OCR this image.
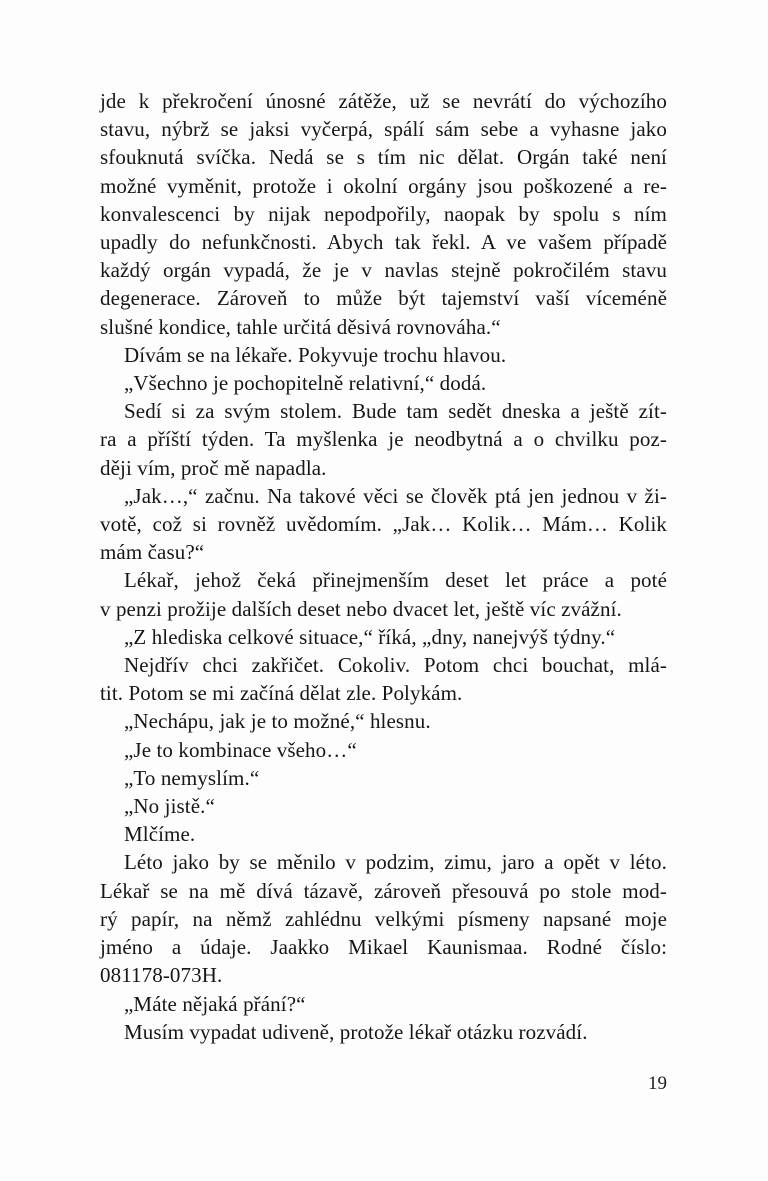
jde k překročení únosné zátěže, už se nevrátí do výchozího
stavu, nýbrž se jaksi vyčerpá, spálí sám sebe a vyhasne jako
sfouknutá svíčka. Nedá se s tím nic dělat. Orgán také není
možné vyměnit, protože i okolní orgány jsou poškozené a re-
konvalescenci by nijak nepodpořily, naopak by spolu s ním
upadly do nefunkčnosti. Abych tak řekl. A ve vašem případě
každý orgán vypadá, že je v navlas stejně pokročilém stavu
degenerace. Zároveň to může být tajemství vaší víceméně
slušné kondice, tahle určitá děsivá rovnováha.“
Dívám se na lékaře. Pokyvuje trochu hlavou.
„Všechno je pochopitelně relativní,“ dodá.
Sedí si za svým stolem. Bude tam sedět dneska a ještě zít-
ra a příští týden. Ta myšlenka je neodbytná a o chvilku poz-
ději vím, proč mě napadla.
„Jak…,“ začnu. Na takové věci se člověk ptá jen jednou v ži-
votě, což si rovněž uvědomím. „Jak… Kolik… Mám… Kolik
mám času?“
Lékař, jehož čeká přinejmenším deset let práce a poté
v penzi prožije dalších deset nebo dvacet let, ještě víc zvážní.
„Z hlediska celkové situace,“ říká, „dny, nanejvýš týdny.“
Nejdřív chci zakřičet. Cokoliv. Potom chci bouchat, mlá-
tit. Potom se mi začíná dělat zle. Polykám.
„Nechápu, jak je to možné,“ hlesnu.
„Je to kombinace všeho…“
„To nemyslím.“
„No jistě.“
Mlčíme.
Léto jako by se měnilo v podzim, zimu, jaro a opět v léto.
Lékař se na mě dívá tázavě, zároveň přesouvá po stole mod-
rý papír, na němž zahlédnu velkými písmeny napsané moje
jméno a údaje. Jaakko Mikael Kaunismaa. Rodné číslo:
081178-073H.
„Máte nějaká přání?“
Musím vypadat udiveně, protože lékař otázku rozvádí.
19
